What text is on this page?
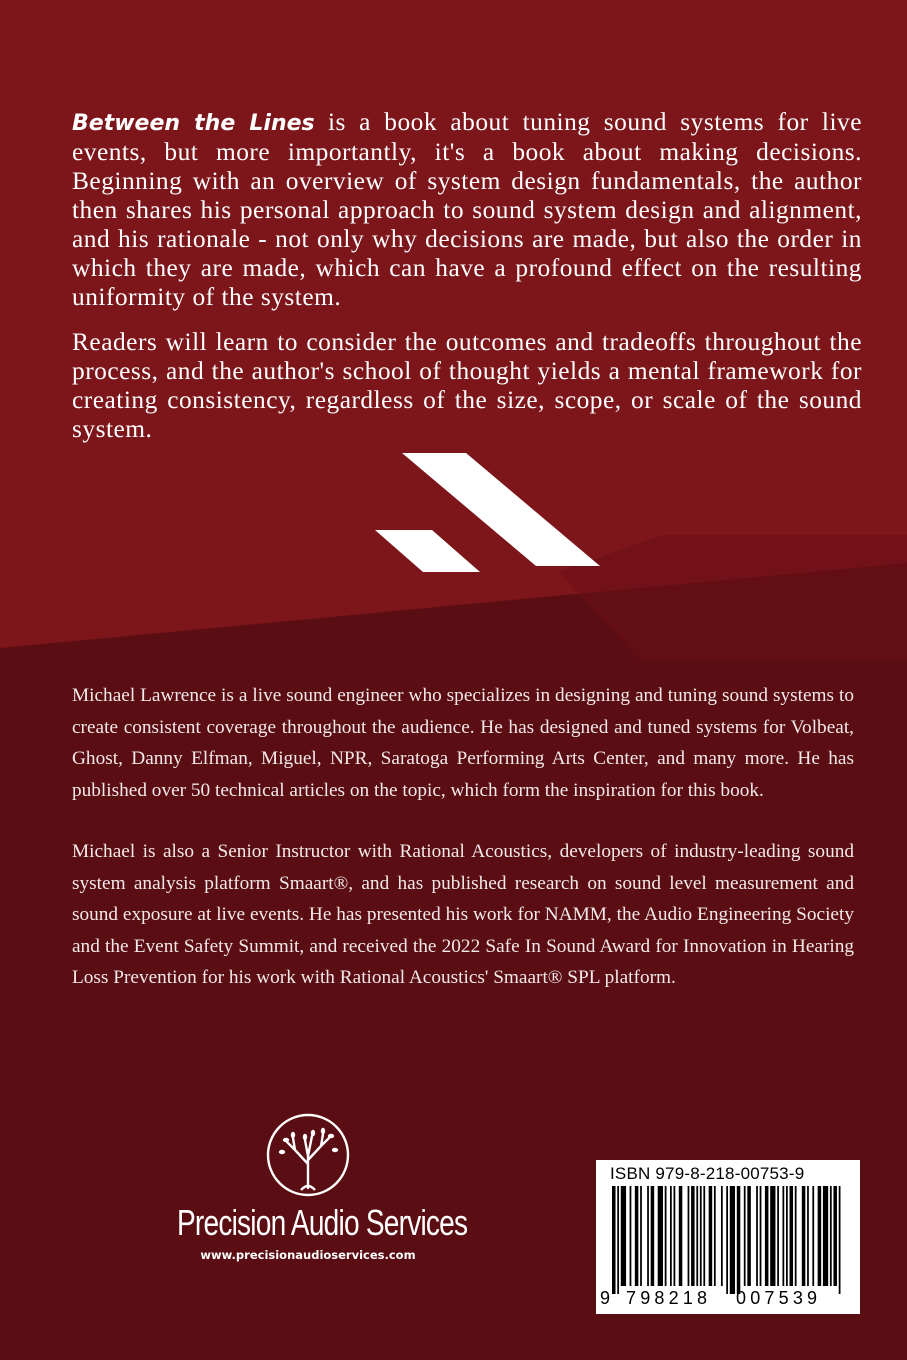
Between the Lines is a book about tuning sound systems for live events, but more importantly, it's a book about making decisions. Beginning with an overview of system design fundamentals, the author then shares his personal approach to sound system design and alignment, and his rationale - not only why decisions are made, but also the order in which they are made, which can have a profound effect on the resulting uniformity of the system.

Readers will learn to consider the outcomes and tradeoffs throughout the process, and the author's school of thought yields a mental framework for creating consistency, regardless of the size, scope, or scale of the sound system.

Michael Lawrence is a live sound engineer who specializes in designing and tuning sound systems to create consistent coverage throughout the audience. He has designed and tuned systems for Volbeat, Ghost, Danny Elfman, Miguel, NPR, Saratoga Performing Arts Center, and many more. He has published over 50 technical articles on the topic, which form the inspiration for this book.

Michael is also a Senior Instructor with Rational Acoustics, developers of industry-leading sound system analysis platform Smaart®, and has published research on sound level measurement and sound exposure at live events. He has presented his work for NAMM, the Audio Engineering Society and the Event Safety Summit, and received the 2022 Safe In Sound Award for Innovation in Hearing Loss Prevention for his work with Rational Acoustics' Smaart® SPL platform.

Precision Audio Services
www.precisionaudioservices.com
ISBN 979-8-218-00753-9
9 798218 007539
